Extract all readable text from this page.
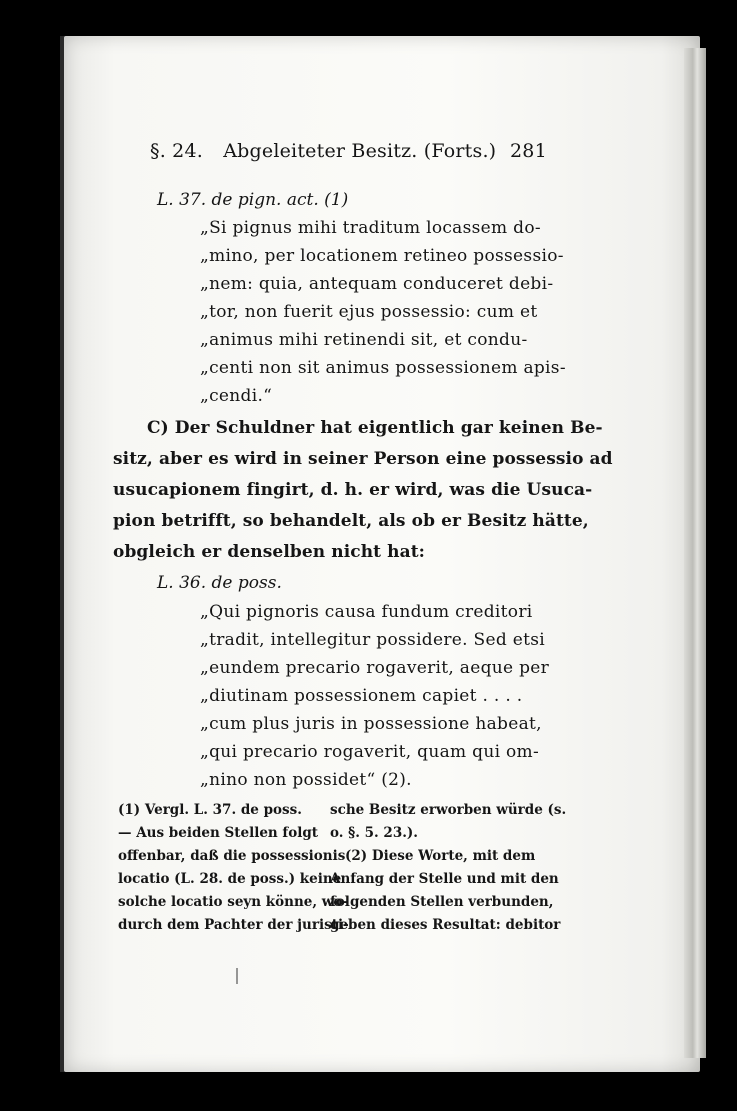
§. 24. Abgeleiteter Besitz. (Forts.) 281
L. 37. de pign. act. (1)
„Si pignus mihi traditum locassem do-
„mino, per locationem retineo possessio-
„nem: quia, antequam conduceret debi-
„tor, non fuerit ejus possessio: cum et
„animus mihi retinendi sit, et condu-
„centi non sit animus possessionem apis-
„cendi.“
C) Der Schuldner hat eigentlich gar keinen Be-
sitz, aber es wird in seiner Person eine possessio ad
usucapionem fingirt, d. h. er wird, was die Usuca-
pion betrifft, so behandelt, als ob er Besitz hätte,
obgleich er denselben nicht hat:
L. 36. de poss.
„Qui pignoris causa fundum creditori
„tradit, intellegitur possidere. Sed etsi
„eundem precario rogaverit, aeque per
„diutinam possessionem capiet . . . .
„cum plus juris in possessione habeat,
„qui precario rogaverit, quam qui om-
„nino non possidet“ (2).
(1) Vergl. L. 37. de poss.
— Aus beiden Stellen folgt
offenbar, daß die possessionis
locatio (L. 28. de poss.) keine
solche locatio seyn könne, wo-
durch dem Pachter der juristi-
sche Besitz erworben würde (s.
o. §. 5. 23.).
(2) Diese Worte, mit dem
Anfang der Stelle und mit den
folgenden Stellen verbunden,
geben dieses Resultat: debitor
